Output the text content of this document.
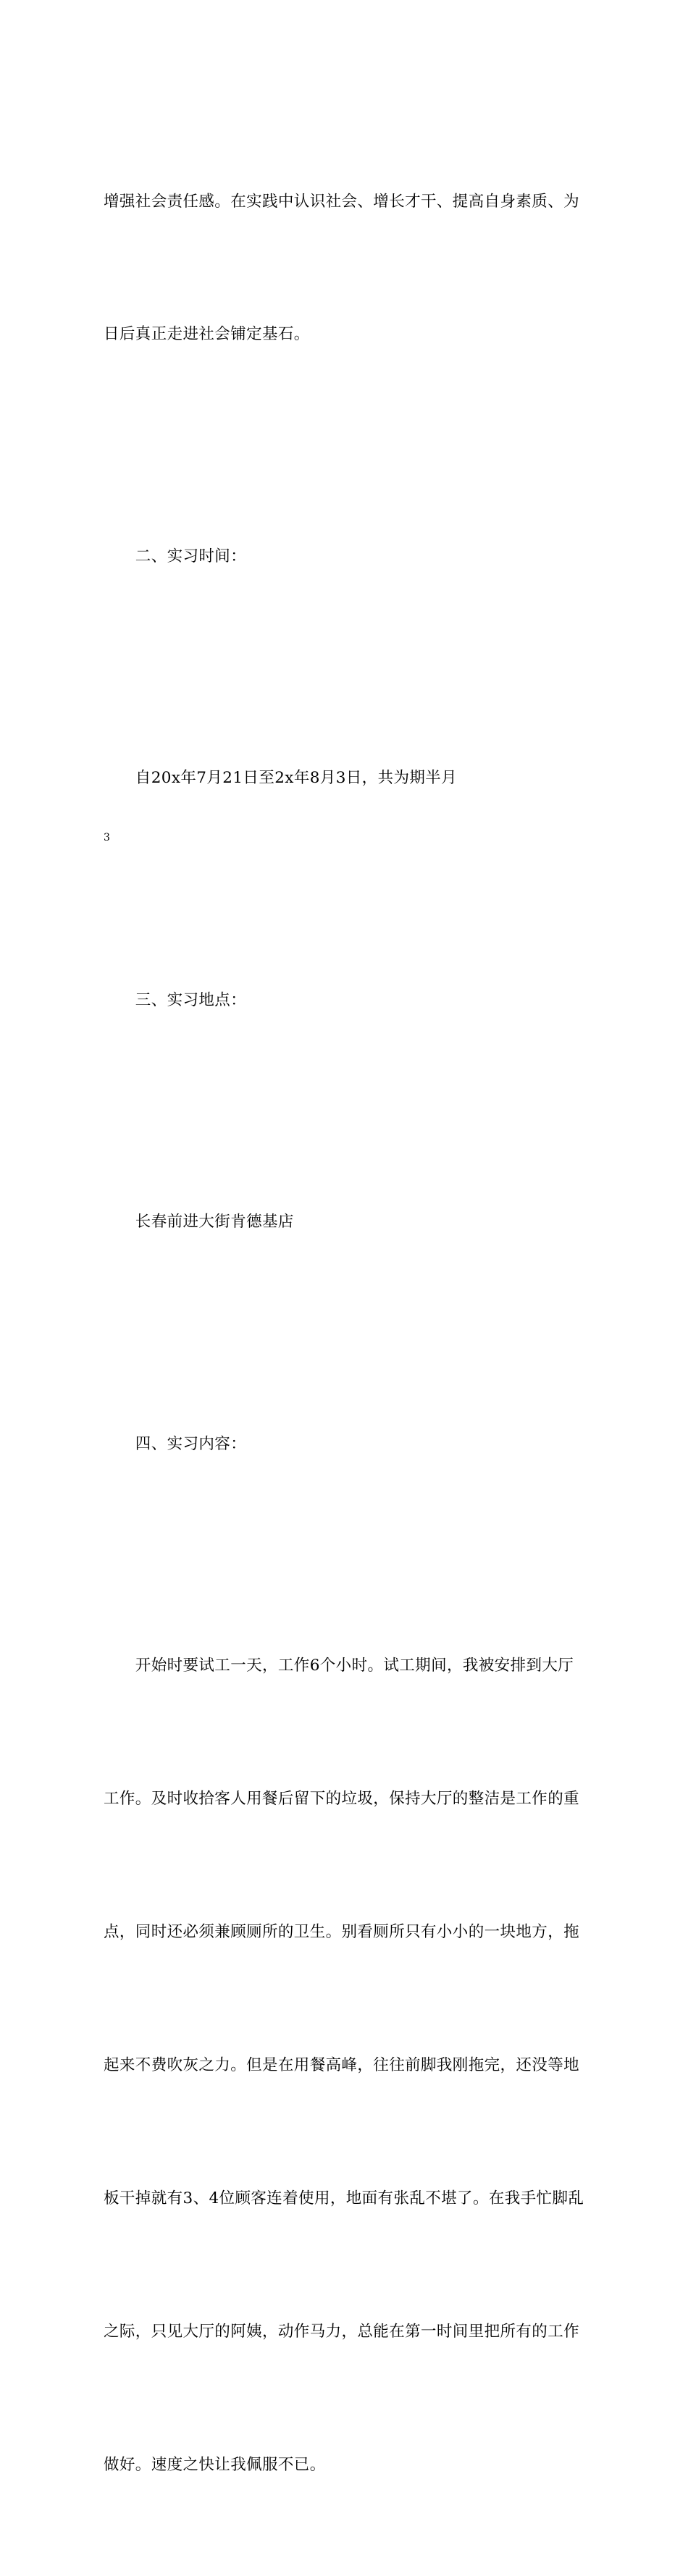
增强社会责任感。在实践中认识社会、增长才干、提高自身素质、为

日后真正走进社会铺定基石。

　　二、实习时间：

　　自20x年7月21日至2x年8月3日，共为期半月

　　三、实习地点：

　　长春前进大街肯德基店

　　四、实习内容：

　　开始时要试工一天，工作6个小时。试工期间，我被安排到大厅

工作。及时收拾客人用餐后留下的垃圾，保持大厅的整洁是工作的重

点，同时还必须兼顾厕所的卫生。别看厕所只有小小的一块地方，拖

起来不费吹灰之力。但是在用餐高峰，往往前脚我刚拖完，还没等地

板干掉就有3、4位顾客连着使用，地面有张乱不堪了。在我手忙脚乱

之际，只见大厅的阿姨，动作马力，总能在第一时间里把所有的工作

做好。速度之快让我佩服不已。

3
